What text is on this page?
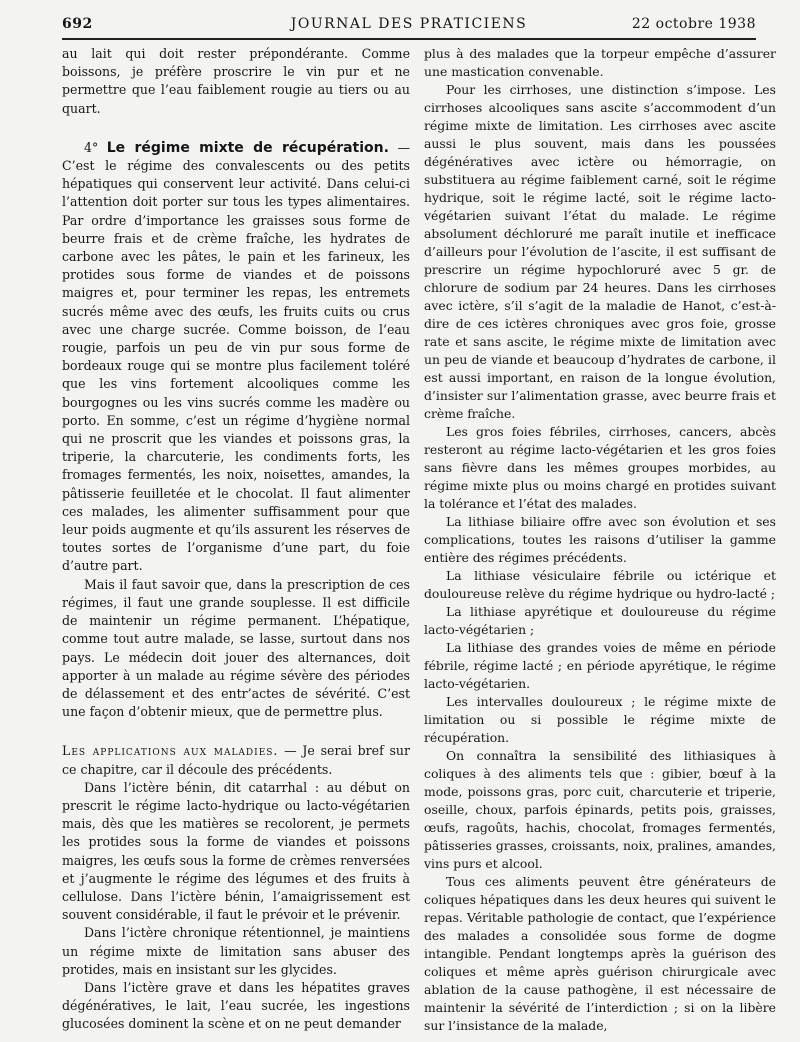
692	JOURNAL DES PRATICIENS	22 octobre 1938

au lait qui doit rester prépondérante. Comme boissons, je préfère proscrire le vin pur et ne permettre que l’eau faiblement rougie au tiers ou au quart.

4° Le régime mixte de récupération. — C’est le régime des convalescents ou des petits hépatiques qui conservent leur activité. Dans celui-ci l’attention doit porter sur tous les types alimentaires. Par ordre d’importance les graisses sous forme de beurre frais et de crème fraîche, les hydrates de carbone avec les pâtes, le pain et les farineux, les protides sous forme de viandes et de poissons maigres et, pour terminer les repas, les entremets sucrés même avec des œufs, les fruits cuits ou crus avec une charge sucrée. Comme boisson, de l’eau rougie, parfois un peu de vin pur sous forme de bordeaux rouge qui se montre plus facilement toléré que les vins fortement alcooliques comme les bourgognes ou les vins sucrés comme les madère ou porto. En somme, c’est un régime d’hygiène normal qui ne proscrit que les viandes et poissons gras, la triperie, la charcuterie, les condiments forts, les fromages fermentés, les noix, noisettes, amandes, la pâtisserie feuilletée et le chocolat. Il faut alimenter ces malades, les alimenter suffisamment pour que leur poids augmente et qu’ils assurent les réserves de toutes sortes de l’organisme d’une part, du foie d’autre part.

Mais il faut savoir que, dans la prescription de ces régimes, il faut une grande souplesse. Il est difficile de maintenir un régime permanent. L’hépatique, comme tout autre malade, se lasse, surtout dans nos pays. Le médecin doit jouer des alternances, doit apporter à un malade au régime sévère des périodes de délassement et des entr’actes de sévérité. C’est une façon d’obtenir mieux, que de permettre plus.

Les applications aux maladies. — Je serai bref sur ce chapitre, car il découle des précédents.

Dans l’ictère bénin, dit catarrhal : au début on prescrit le régime lacto-hydrique ou lacto-végétarien mais, dès que les matières se recolorent, je permets les protides sous la forme de viandes et poissons maigres, les œufs sous la forme de crèmes renversées et j’augmente le régime des légumes et des fruits à cellulose. Dans l’ictère bénin, l’amaigrissement est souvent considérable, il faut le prévoir et le prévenir.

Dans l’ictère chronique rétentionnel, je maintiens un régime mixte de limitation sans abuser des protides, mais en insistant sur les glycides.

Dans l’ictère grave et dans les hépatites graves dégénératives, le lait, l’eau sucrée, les ingestions glucosées dominent la scène et on ne peut demander

plus à des malades que la torpeur empêche d’assurer une mastication convenable.

Pour les cirrhoses, une distinction s’impose. Les cirrhoses alcooliques sans ascite s’accommodent d’un régime mixte de limitation. Les cirrhoses avec ascite aussi le plus souvent, mais dans les poussées dégénératives avec ictère ou hémorragie, on substituera au régime faiblement carné, soit le régime hydrique, soit le régime lacté, soit le régime lacto-végétarien suivant l’état du malade. Le régime absolument déchloruré me paraît inutile et inefficace d’ailleurs pour l’évolution de l’ascite, il est suffisant de prescrire un régime hypochloruré avec 5 gr. de chlorure de sodium par 24 heures. Dans les cirrhoses avec ictère, s’il s’agit de la maladie de Hanot, c’est-à-dire de ces ictères chroniques avec gros foie, grosse rate et sans ascite, le régime mixte de limitation avec un peu de viande et beaucoup d’hydrates de carbone, il est aussi important, en raison de la longue évolution, d’insister sur l’alimentation grasse, avec beurre frais et crème fraîche.

Les gros foies fébriles, cirrhoses, cancers, abcès resteront au régime lacto-végétarien et les gros foies sans fièvre dans les mêmes groupes morbides, au régime mixte plus ou moins chargé en protides suivant la tolérance et l’état des malades.

La lithiase biliaire offre avec son évolution et ses complications, toutes les raisons d’utiliser la gamme entière des régimes précédents.

La lithiase vésiculaire fébrile ou ictérique et douloureuse relève du régime hydrique ou hydro-lacté ;

La lithiase apyrétique et douloureuse du régime lacto-végétarien ;

La lithiase des grandes voies de même en période fébrile, régime lacté ; en période apyrétique, le régime lacto-végétarien.

Les intervalles douloureux ; le régime mixte de limitation ou si possible le régime mixte de récupération.

On connaîtra la sensibilité des lithiasiques à coliques à des aliments tels que : gibier, bœuf à la mode, poissons gras, porc cuit, charcuterie et triperie, oseille, choux, parfois épinards, petits pois, graisses, œufs, ragoûts, hachis, chocolat, fromages fermentés, pâtisseries grasses, croissants, noix, pralines, amandes, vins purs et alcool.

Tous ces aliments peuvent être générateurs de coliques hépatiques dans les deux heures qui suivent le repas. Véritable pathologie de contact, que l’expérience des malades a consolidée sous forme de dogme intangible. Pendant longtemps après la guérison des coliques et même après guérison chirurgicale avec ablation de la cause pathogène, il est nécessaire de maintenir la sévérité de l’interdiction ; si on la libère sur l’insistance de la malade,
